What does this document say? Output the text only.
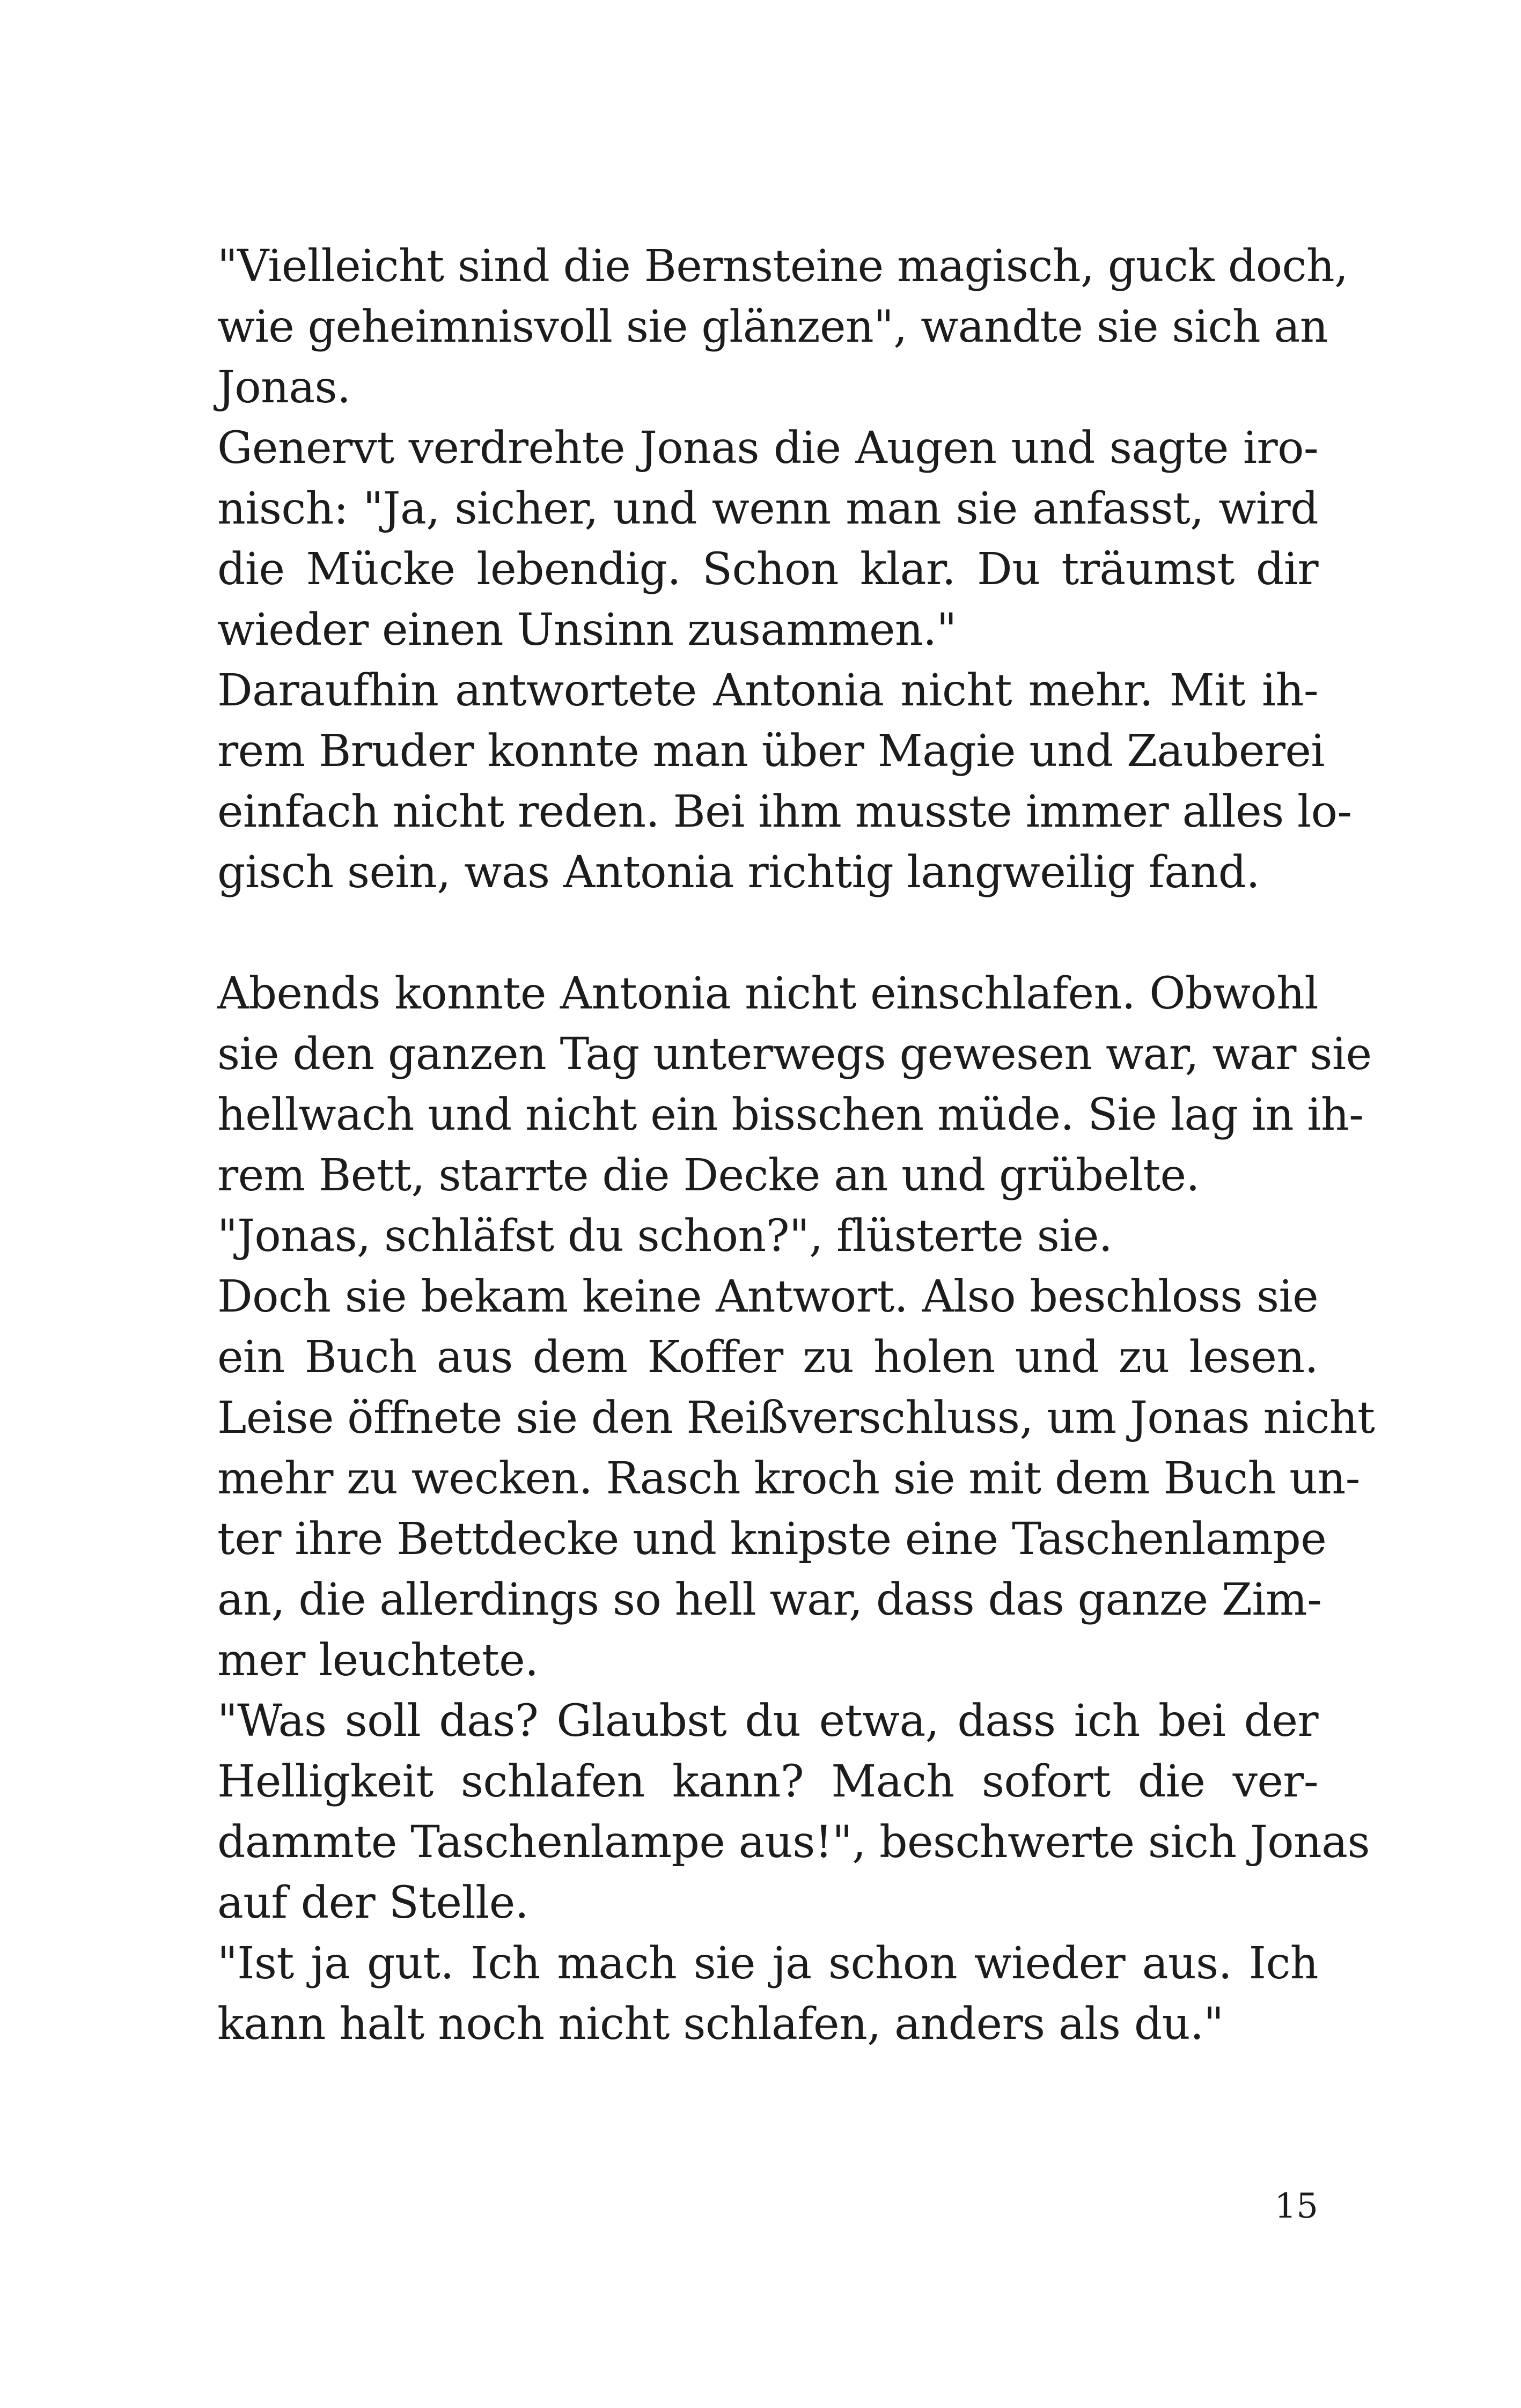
"Vielleicht sind die Bernsteine magisch, guck doch,
wie geheimnisvoll sie glänzen", wandte sie sich an
Jonas.
Genervt verdrehte Jonas die Augen und sagte iro-
nisch: "Ja, sicher, und wenn man sie anfasst, wird
die Mücke lebendig. Schon klar. Du träumst dir
wieder einen Unsinn zusammen."
Daraufhin antwortete Antonia nicht mehr. Mit ih-
rem Bruder konnte man über Magie und Zauberei
einfach nicht reden. Bei ihm musste immer alles lo-
gisch sein, was Antonia richtig langweilig fand.
Abends konnte Antonia nicht einschlafen. Obwohl
sie den ganzen Tag unterwegs gewesen war, war sie
hellwach und nicht ein bisschen müde. Sie lag in ih-
rem Bett, starrte die Decke an und grübelte.
"Jonas, schläfst du schon?", flüsterte sie.
Doch sie bekam keine Antwort. Also beschloss sie
ein Buch aus dem Koffer zu holen und zu lesen.
Leise öffnete sie den Reißverschluss, um Jonas nicht
mehr zu wecken. Rasch kroch sie mit dem Buch un-
ter ihre Bettdecke und knipste eine Taschenlampe
an, die allerdings so hell war, dass das ganze Zim-
mer leuchtete.
"Was soll das? Glaubst du etwa, dass ich bei der
Helligkeit schlafen kann? Mach sofort die ver-
dammte Taschenlampe aus!", beschwerte sich Jonas
auf der Stelle.
"Ist ja gut. Ich mach sie ja schon wieder aus. Ich
kann halt noch nicht schlafen, anders als du."
15
